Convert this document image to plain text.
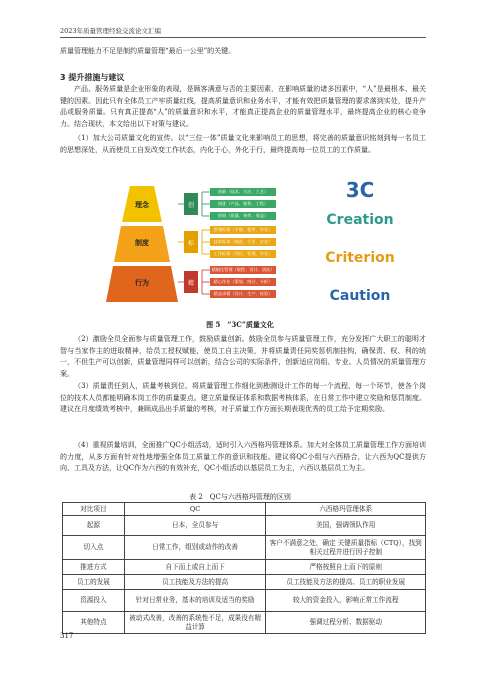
2023年质量管理经验交流论文汇编
质量管理能力不足是制约质量管理“最后一公里”的关键。
3 提升措施与建议
产品、服务质量是企业形象的表现，是顾客满意与否的主要因素，在影响质量的诸多因素中，“人”是最根本、最关键的因素。因此只有全体员工产牢质量红线，提高质量意识和业务水平，才能有效把质量管理的要求落到实处，提升产品或服务质量。只有真正提高“人”的质量意识和水平，才能真正提高企业的质量管理水平，最终提高企业的核心竞争力。结合现状，本文给出以下对策与建议。
（1）加大公司质量文化的宣传。以“三位一体”质量文化来影响员工的思想，将完善的质量意识铭刻到每一名员工的思想深处，从而使员工自发改变工作状态，内化于心，外化于行，最终提高每一位员工的工作质量。
理念
制度
行为
创
标
精
创新（技术、方法、工艺）
创优（产品、服务、工程）
创效（质量、效率、效益）
管理标准（手册、程序、作业）
技术标准（规范、行业、企业）
工作标准（岗位、管理、作业）
精细化管理（规程、设计、质检）
精心作业（策划、统计、分析）
精益求精（设计、生产、检验）
3C
Creation
Criterion
Caution
图 5　“3C”质量文化
（2）激励全员全面参与质量管理工作，鼓励质量创新。鼓励全员参与质量管理工作，充分发挥广大职工的聪明才智与当家作主的进取精神，给员工授权赋能，使员工自主决策，并将质量责任同奖惩机制挂钩，确保责、权、利的统一，不但生产可以创新，质量管理同样可以创新，结合公司的实际条件，创新适应岗组、专业、人员情况的质量管理方案。
（3）质量责任到人，质量考核到位。将质量管理工作细化到勘测设计工作的每一个流程、每一个环节，使各个岗位的技术人员都能明确本岗工作的质量要点。建立质量保证体系和数据考核体系，在日常工作中建立奖励和惩罚制度。建议在月度绩效考核中，兼顾成品出手质量的考核，对于质量工作方面长期表现优秀的员工给予定期奖励。
（4）重视质量培训，全面推广QC小组活动，适时引入六西格玛管理体系。加大对全体员工质量管理工作方面培训的力度，从多方面有针对性地增强全体员工质量工作的意识和技能。建议将QC小组与六西格合，让六西为QC提供方向、工具及方法，让QC作为六西的有效补充，QC小组活动以基层员工为主，六西以基层员工为主。
表 2　QC与六西格玛管理的区别
对比项目	QC	六西格玛管理体系
起源	日本，全员参与	美国，强调领队作用
切入点	日常工作，组别或动作的改善	客户不满意之处，确定 关键质量指标（CTQ），找到相关过程并进行因子控制
推进方式	自下而上或自上而下	严格按照自上而下的原则
员工的发展	员工技能及方法的提高	员工技能及方法的提高、员工的职业发展
资源投入	针对日常业务，基本的培训及适当的奖励	较大的资金投入，影响正常工作流程
其他特点	被动式改善，改善的系统性不足，成果没有精益计算	强调过程分析、数据驱动
317
